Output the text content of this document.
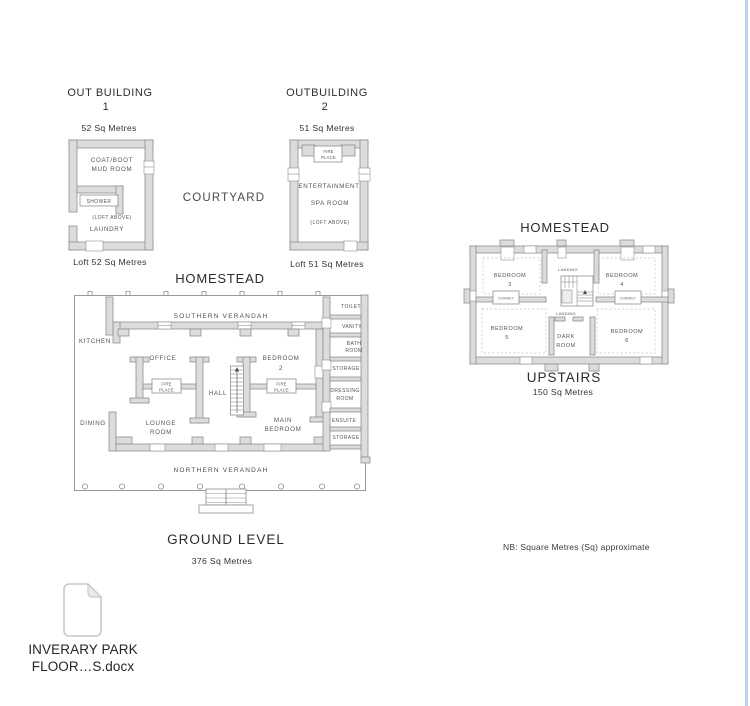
OUT BUILDING
1
52 Sq Metres
COAT/BOOT
MUD ROOM
SHOWER
(LOFT ABOVE)
LAUNDRY
Loft 52 Sq Metres
OUTBUILDING
2
51 Sq Metres
FIRE
PLACE
ENTERTAINMENT
SPA ROOM
(LOFT ABOVE)
Loft 51 Sq Metres
COURTYARD
HOMESTEAD
FIRE
PLACE
FIRE
PLACE
SOUTHERN VERANDAH
KITCHEN
OFFICE	BEDROOM
2
HALL
DINING	LOUNGE
ROOM
MAIN
BEDROOM
NORTHERN VERANDAH
TOILET
VANITY
BATH
ROOM
STORAGE
DRESSING
ROOM
ENSUITE
STORAGE
GROUND LEVEL
376 Sq Metres
HOMESTEAD
CHIMNEY	CHIMNEY
BEDROOM
3
LANDING
BEDROOM
4
LANDING
BEDROOM
5	DARK
ROOM
BEDROOM
6
UPSTAIRS
150 Sq Metres
NB: Square Metres (Sq) approximate
INVERARY PARK
FLOOR…S.docx
